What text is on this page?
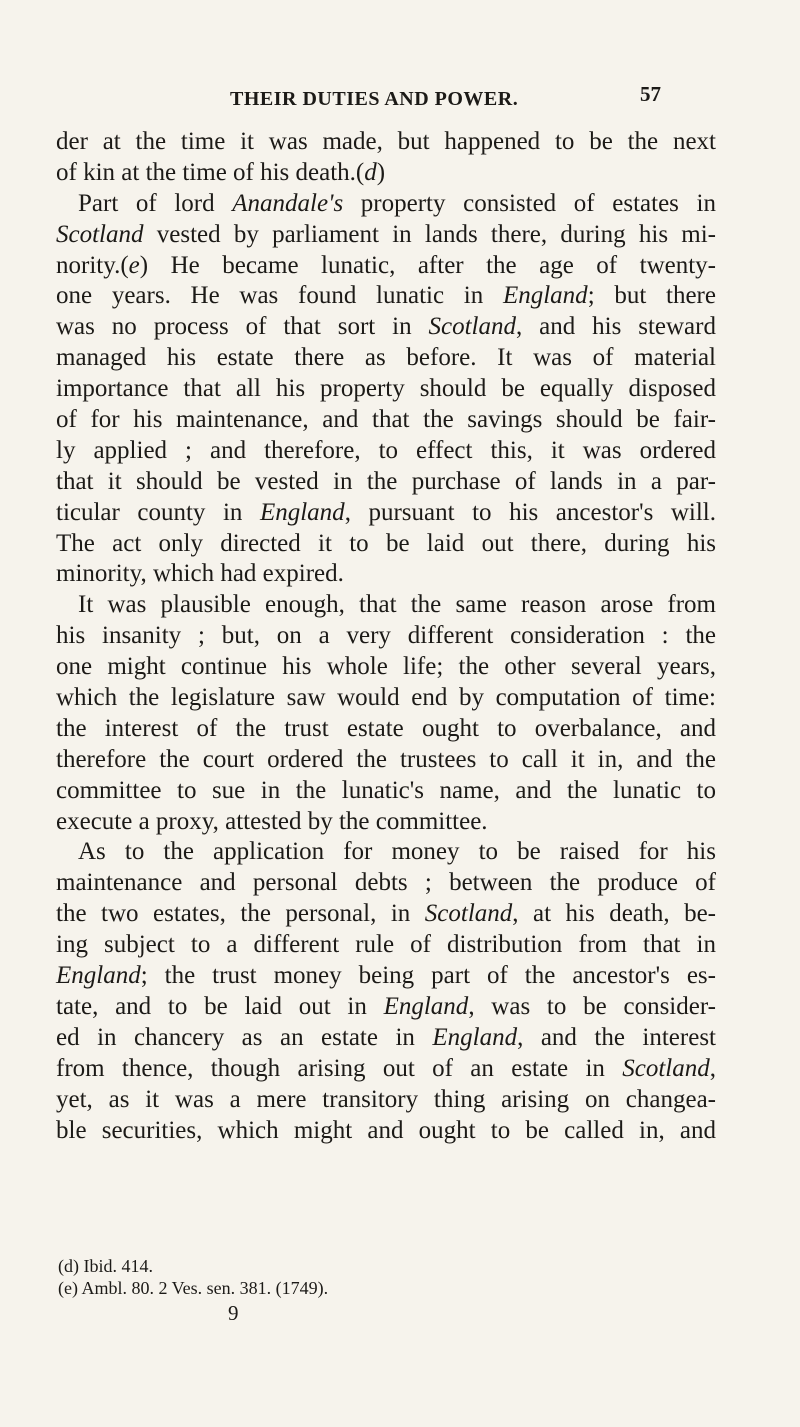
THEIR DUTIES AND POWER.	57
der at the time it was made, but happened to be the next
of kin at the time of his death.(d)
Part of lord Anandale's property consisted of estates in
Scotland vested by parliament in lands there, during his mi-
nority.(e) He became lunatic, after the age of twenty-
one years. He was found lunatic in England; but there
was no process of that sort in Scotland, and his steward
managed his estate there as before. It was of material
importance that all his property should be equally disposed
of for his maintenance, and that the savings should be fair-
ly applied ; and therefore, to effect this, it was ordered
that it should be vested in the purchase of lands in a par-
ticular county in England, pursuant to his ancestor's will.
The act only directed it to be laid out there, during his
minority, which had expired.
It was plausible enough, that the same reason arose from
his insanity ; but, on a very different consideration : the
one might continue his whole life; the other several years,
which the legislature saw would end by computation of time:
the interest of the trust estate ought to overbalance, and
therefore the court ordered the trustees to call it in, and the
committee to sue in the lunatic's name, and the lunatic to
execute a proxy, attested by the committee.
As to the application for money to be raised for his
maintenance and personal debts ; between the produce of
the two estates, the personal, in Scotland, at his death, be-
ing subject to a different rule of distribution from that in
England; the trust money being part of the ancestor's es-
tate, and to be laid out in England, was to be consider-
ed in chancery as an estate in England, and the interest
from thence, though arising out of an estate in Scotland,
yet, as it was a mere transitory thing arising on changea-
ble securities, which might and ought to be called in, and
(d) Ibid. 414.
(e) Ambl. 80. 2 Ves. sen. 381. (1749).
9
